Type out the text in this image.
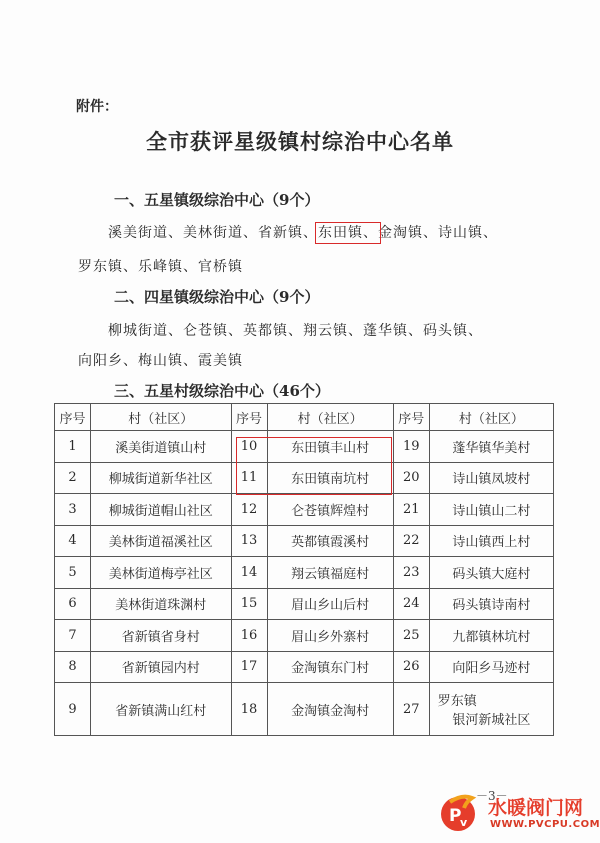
附件：
全市获评星级镇村综治中心名单
一、五星镇级综治中心（9个）
溪美街道、美林街道、省新镇、东田镇、金淘镇、诗山镇、
罗东镇、乐峰镇、官桥镇
二、四星镇级综治中心（9个）
柳城街道、仑苍镇、英都镇、翔云镇、蓬华镇、码头镇、
向阳乡、梅山镇、霞美镇
三、五星村级综治中心（46个）
序号	村（社区）	序号	村（社区）	序号	村（社区）
1	溪美街道镇山村	10	东田镇丰山村	19	蓬华镇华美村
2	柳城街道新华社区	11	东田镇南坑村	20	诗山镇凤坡村
3	柳城街道帽山社区	12	仑苍镇辉煌村	21	诗山镇山二村
4	美林街道福溪社区	13	英都镇霞溪村	22	诗山镇西上村
5	美林街道梅亭社区	14	翔云镇福庭村	23	码头镇大庭村
6	美林街道珠渊村	15	眉山乡山后村	24	码头镇诗南村
7	省新镇省身村	16	眉山乡外寨村	25	九都镇林坑村
8	省新镇园内村	17	金淘镇东门村	26	向阳乡马迹村
9	省新镇满山红村	18	金淘镇金淘村	27	罗东镇
银河新城社区
－3－
P
v
水暖阀门网
WWW.PVCPU.COM
